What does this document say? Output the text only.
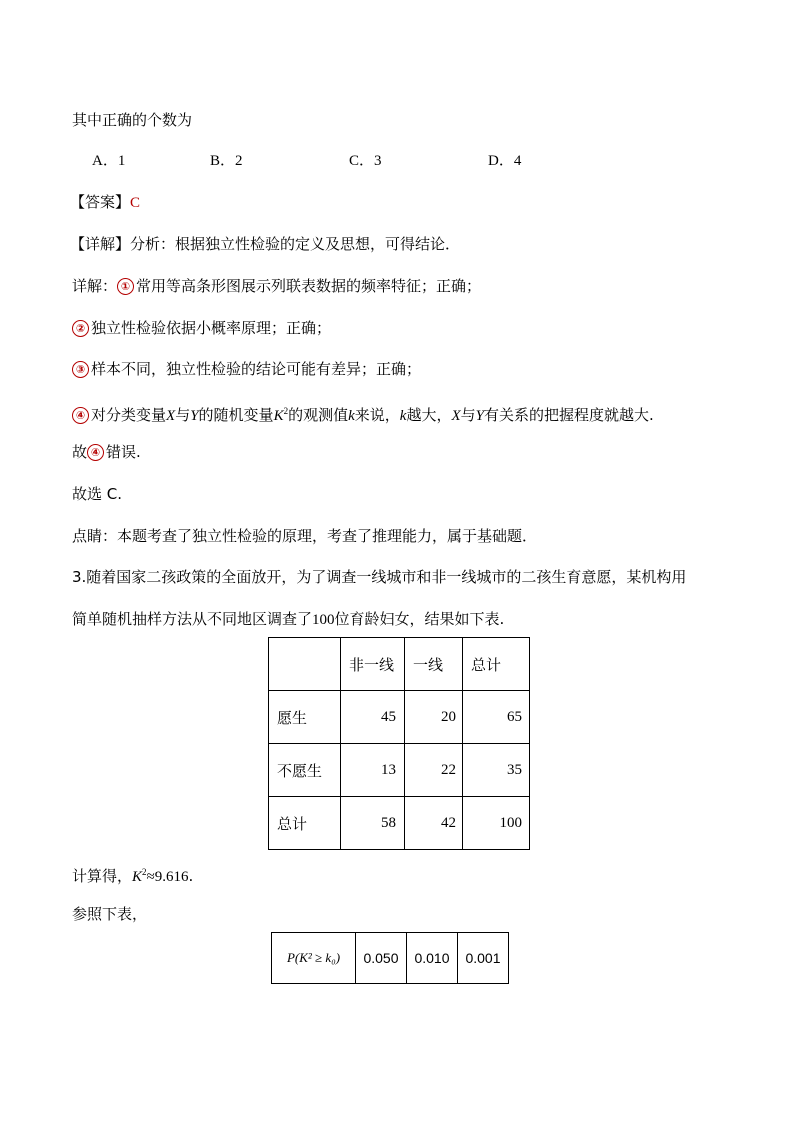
其中正确的个数为
A．1	B．2	C．3	D．4
【答案】C
【详解】分析：根据独立性检验的定义及思想，可得结论．
详解： ① 常用等高条形图展示列联表数据的频率特征；正确；
② 独立性检验依据小概率原理；正确；
③ 样本不同，独立性检验的结论可能有差异；正确；
④ 对分类变量X与Y的随机变量$K^2$的观测值k来说，k越大，X与Y有关系的把握程度就越大.
故 ④ 错误.
故选 C.
点睛：本题考查了独立性检验的原理，考查了推理能力，属于基础题．
3.随着国家二孩政策的全面放开，为了调查一线城市和非一线城市的二孩生育意愿，某机构用
简单随机抽样方法从不同地区调查了100位育龄妇女，结果如下表.
	非一线	一线	总计
愿生	45	20	65
不愿生	13	22	35
总计	58	42	100
计算得，$K^2\approx 9.616$.
参照下表，
P(K² ≥ k₀)	0.050	0.010	0.001
